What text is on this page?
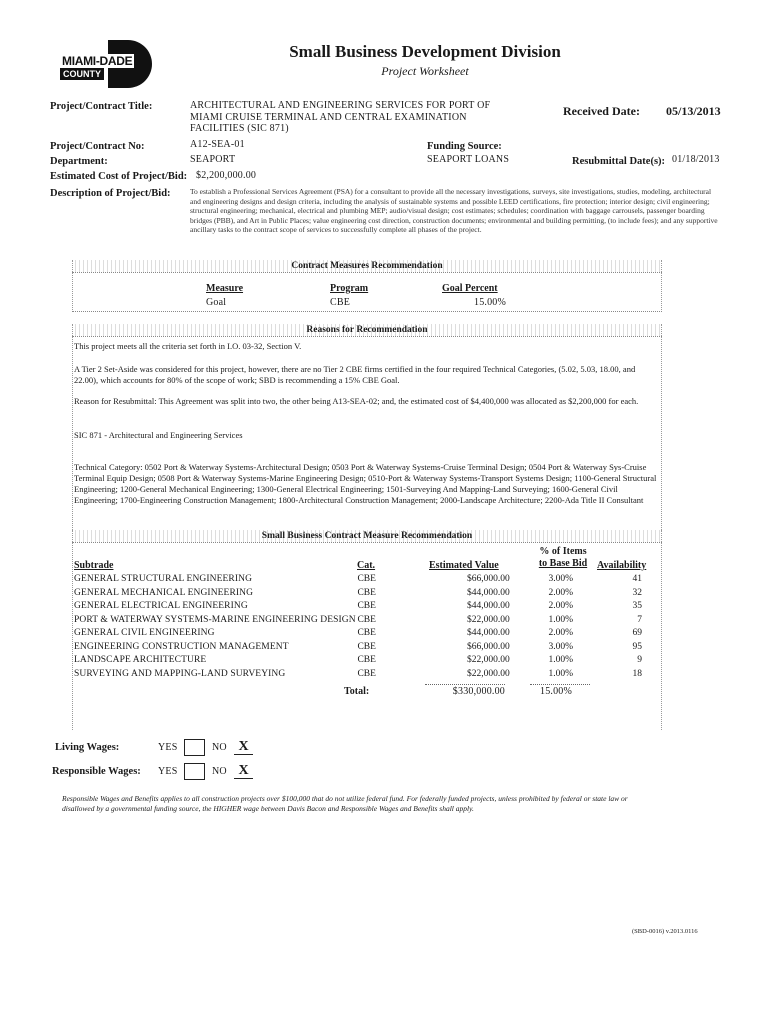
MIAMI-DADE
COUNTY
Small Business Development Division
Project Worksheet
Project/Contract Title:	ARCHITECTURAL AND ENGINEERING SERVICES FOR PORT OF
MIAMI CRUISE TERMINAL AND CENTRAL EXAMINATION
FACILITIES (SIC 871)
Received Date: 05/13/2013
Project/Contract No:	A12-SEA-01	Funding Source:
Department:	SEAPORT	SEAPORT LOANS	Resubmittal Date(s): 01/18/2013
Estimated Cost of Project/Bid: $2,200,000.00
Description of Project/Bid:	To establish a Professional Services Agreement (PSA) for a consultant to provide all the necessary investigations, surveys, site investigations, studies, modeling, architectural and engineering designs and design criteria, including the analysis of sustainable systems and possible LEED certifications, fire protection; interior design; civil engineering; structural engineering; mechanical, electrical and plumbing MEP; audio/visual design; cost estimates; schedules; coordination with baggage carrousels, passenger boarding bridges (PBB), and Art in Public Places; value engineering cost direction, construction documents; environmental and building permitting, (to include fees); and any supportive ancillary tasks to the contract scope of services to successfully complete all phases of the project.
Contract Measures Recommendation
Measure	Program	Goal Percent
Goal	CBE	15.00%
Reasons for Recommendation
This project meets all the criteria set forth in I.O. 03-32, Section V.
A Tier 2 Set-Aside was considered for this project, however, there are no Tier 2 CBE firms certified in the four required Technical Categories, (5.02, 5.03, 18.00, and 22.00), which accounts for 80% of the scope of work; SBD is recommending a 15% CBE Goal.
Reason for Resubmittal: This Agreement was split into two, the other being A13-SEA-02; and, the estimated cost of $4,400,000 was allocated as $2,200,000 for each.
SIC 871 - Architectural and Engineering Services
Technical Category: 0502 Port & Waterway Systems-Architectural Design; 0503 Port & Waterway Systems-Cruise Terminal Design; 0504 Port & Waterway Sys-Cruise Terminal Equip Design; 0508 Port & Waterway Systems-Marine Engineering Design; 0510-Port & Waterway Systems-Transport Systems Design; 1100-General Structural Engineering; 1200-General Mechanical Engineering; 1300-General Electrical Engineering; 1501-Surveying And Mapping-Land Surveying; 1600-General Civil Engineering; 1700-Engineering Construction Management; 1800-Architectural Construction Management; 2000-Landscape Architecture; 2200-Ada Title II Consultant
Small Business Contract Measure Recommendation
% of Items
to Base Bid
Subtrade	Cat.	Estimated Value	Availability
GENERAL STRUCTURAL ENGINEERING	CBE	$66,000.00	3.00%	41
GENERAL MECHANICAL ENGINEERING	CBE	$44,000.00	2.00%	32
GENERAL ELECTRICAL ENGINEERING	CBE	$44,000.00	2.00%	35
PORT & WATERWAY SYSTEMS-MARINE ENGINEERING DESIGN	CBE	$22,000.00	1.00%	7
GENERAL CIVIL ENGINEERING	CBE	$44,000.00	2.00%	69
ENGINEERING CONSTRUCTION MANAGEMENT	CBE	$66,000.00	3.00%	95
LANDSCAPE ARCHITECTURE	CBE	$22,000.00	1.00%	9
SURVEYING AND MAPPING-LAND SURVEYING	CBE	$22,000.00	1.00%	18
Total:	$330,000.00	15.00%
Living Wages:	YES	NO X
Responsible Wages: YES	NO X
Responsible Wages and Benefits applies to all construction projects over $100,000 that do not utilize federal fund. For federally funded projects, unless prohibited by federal or state law or disallowed by a governmental funding source, the HIGHER wage between Davis Bacon and Responsible Wages and Benefits shall apply.
(SBD-0016) v.2013.0116
